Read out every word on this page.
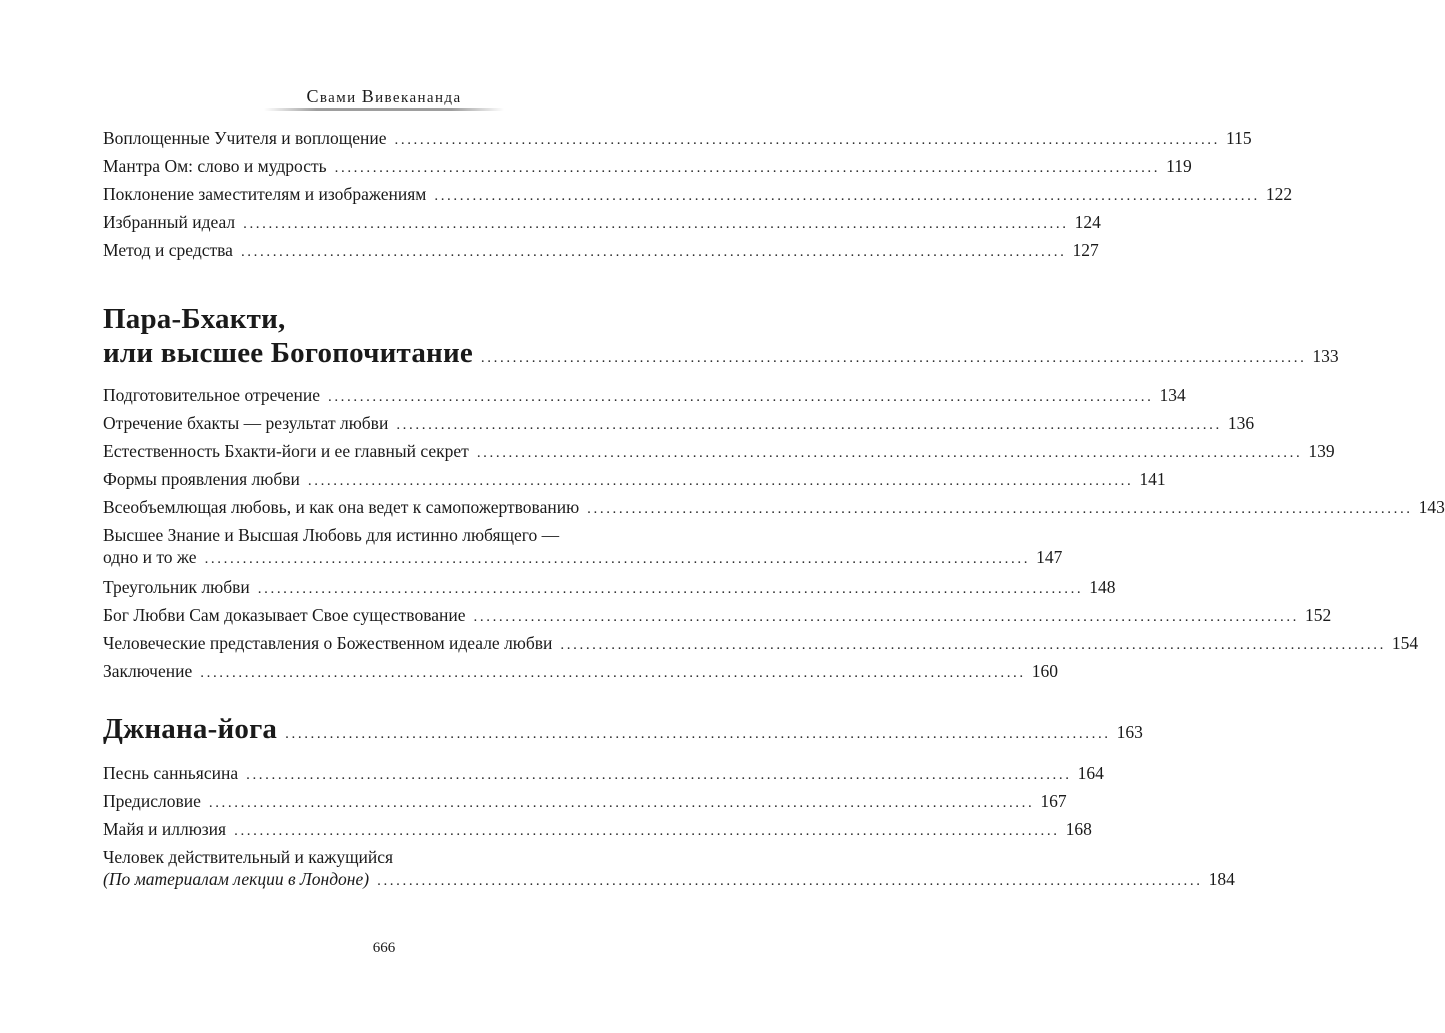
Свами Вивекананда
Воплощенные Учителя и воплощение .................................................................................................................................. 115
Мантра Ом: слово и мудрость .................................................................................................................................. 119
Поклонение заместителям и изображениям .................................................................................................................................. 122
Избранный идеал .................................................................................................................................. 124
Метод и средства .................................................................................................................................. 127
Пара-Бхакти,
или высшее Богопочитание .................................................................................................................................. 133
Подготовительное отречение .................................................................................................................................. 134
Отречение бхакты — результат любви .................................................................................................................................. 136
Естественность Бхакти-йоги и ее главный секрет .................................................................................................................................. 139
Формы проявления любви .................................................................................................................................. 141
Всеобъемлющая любовь, и как она ведет к самопожертвованию .................................................................................................................................. 143
Высшее Знание и Высшая Любовь для истинно любящего —
одно и то же .................................................................................................................................. 147
Треугольник любви .................................................................................................................................. 148
Бог Любви Сам доказывает Свое существование .................................................................................................................................. 152
Человеческие представления о Божественном идеале любви .................................................................................................................................. 154
Заключение .................................................................................................................................. 160
Джнана-йога .................................................................................................................................. 163
Песнь санньясина .................................................................................................................................. 164
Предисловие .................................................................................................................................. 167
Майя и иллюзия .................................................................................................................................. 168
Человек действительный и кажущийся
(По материалам лекции в Лондоне) .................................................................................................................................. 184
666
